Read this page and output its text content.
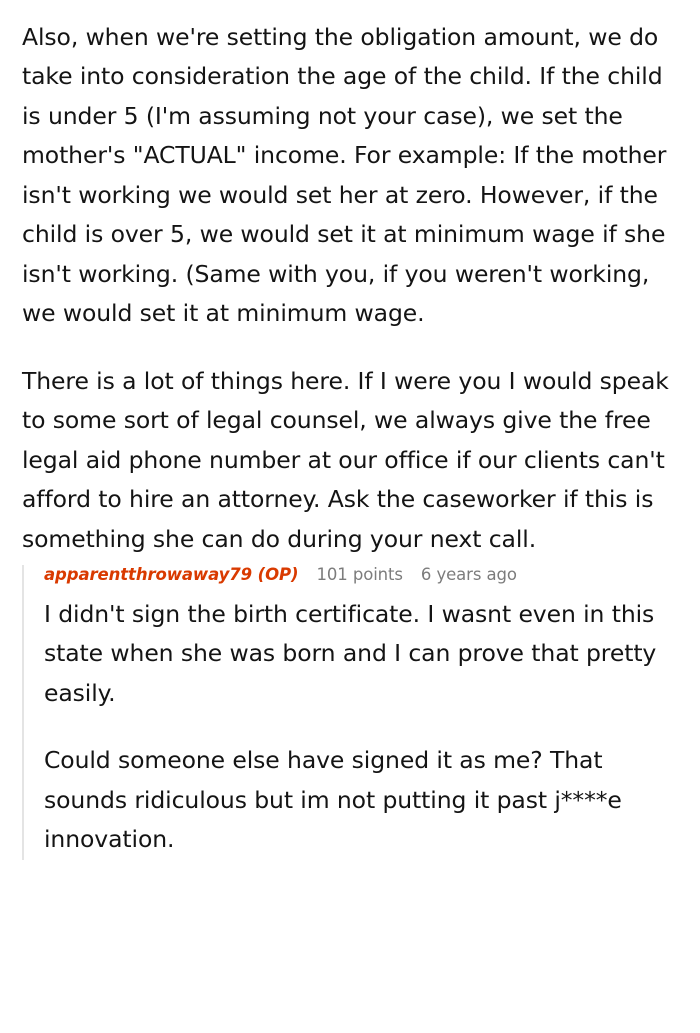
Also, when we're setting the obligation amount, we do take into consideration the age of the child. If the child is under 5 (I'm assuming not your case), we set the mother's "ACTUAL" income. For example: If the mother isn't working we would set her at zero. However, if the child is over 5, we would set it at minimum wage if she isn't working. (Same with you, if you weren't working, we would set it at minimum wage.

There is a lot of things here. If I were you I would speak to some sort of legal counsel, we always give the free legal aid phone number at our office if our clients can't afford to hire an attorney. Ask the caseworker if this is something she can do during your next call.

apparentthrowaway79 (OP) 101 points 6 years ago

I didn't sign the birth certificate. I wasnt even in this state when she was born and I can prove that pretty easily.

Could someone else have signed it as me? That sounds ridiculous but im not putting it past j****e innovation.
